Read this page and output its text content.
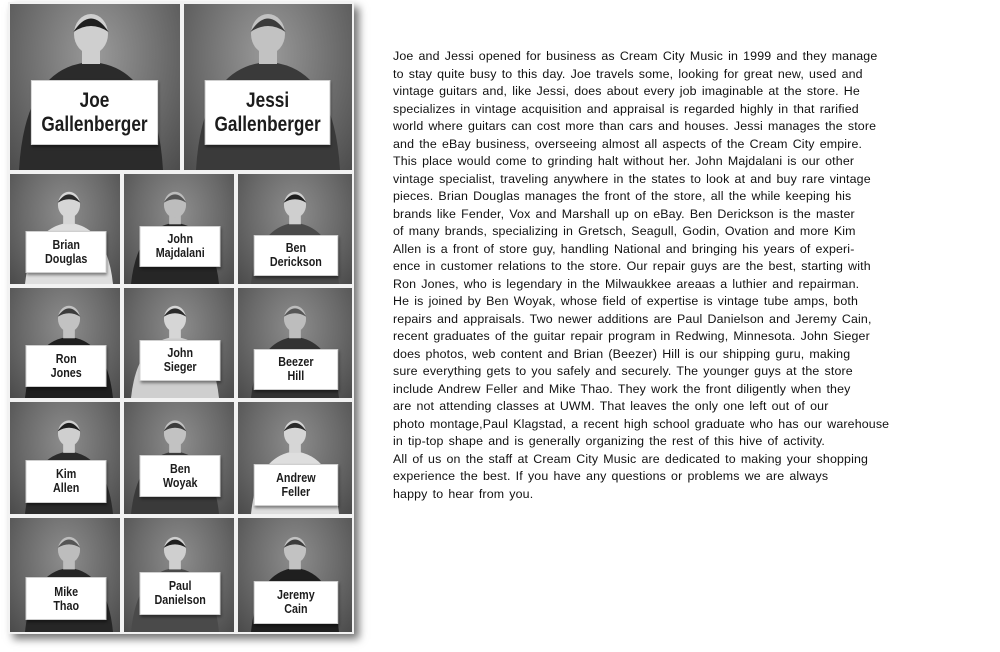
Joe
Gallenberger
Jessi
Gallenberger
Brian
Douglas
John
Majdalani	Ben
Derickson
Ron
Jones
John
Sieger	Beezer
Hill
Kim
Allen
Ben
Woyak	Andrew
Feller
Mike
Thao
Paul
Danielson	Jeremy
Cain

Joe and Jessi opened for business as Cream City Music in 1999 and they manage
to stay quite busy to this day. Joe travels some, looking for great new, used and
vintage guitars and, like Jessi, does about every job imaginable at the store. He
specializes in vintage acquisition and appraisal is regarded highly in that rarified
world where guitars can cost more than cars and houses. Jessi manages the store
and the eBay business, overseeing almost all aspects of the Cream City empire.
This place would come to grinding halt without her. John Majdalani is our other
vintage specialist, traveling anywhere in the states to look at and buy rare vintage
pieces. Brian Douglas manages the front of the store, all the while keeping his
brands like Fender, Vox and Marshall up on eBay. Ben Derickson is the master
of many brands, specializing in Gretsch, Seagull, Godin, Ovation and more Kim
Allen is a front of store guy, handling National and bringing his years of experi-
ence in customer relations to the store. Our repair guys are the best, starting with
Ron Jones, who is legendary in the Milwaukkee areaas a luthier and repairman.
He is joined by Ben Woyak, whose field of expertise is vintage tube amps, both
repairs and appraisals. Two newer additions are Paul Danielson and Jeremy Cain,
recent graduates of the guitar repair program in Redwing, Minnesota. John Sieger
does photos, web content and Brian (Beezer) Hill is our shipping guru, making
sure everything gets to you safely and securely. The younger guys at the store
include Andrew Feller and Mike Thao. They work the front diligently when they
are not attending classes at UWM. That leaves the only one left out of our
photo montage,Paul Klagstad, a recent high school graduate who has our warehouse
in tip-top shape and is generally organizing the rest of this hive of activity.
All of us on the staff at Cream City Music are dedicated to making your shopping
experience the best. If you have any questions or problems we are always
happy to hear from you.
